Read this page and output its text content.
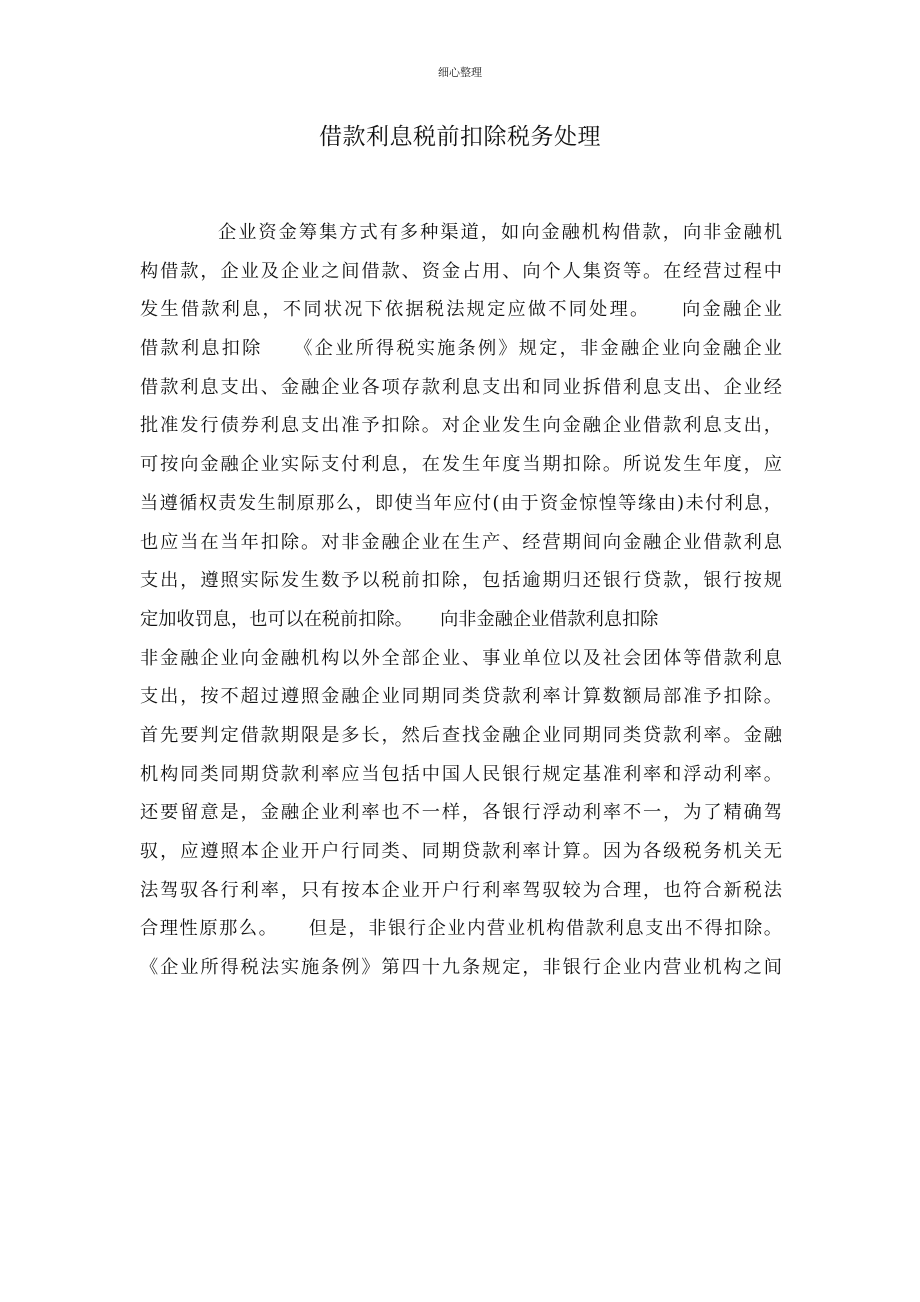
细心整理
借款利息税前扣除税务处理
企业资金筹集方式有多种渠道，如向金融机构借款，向非金融机
构借款，企业及企业之间借款、资金占用、向个人集资等。在经营过程中
发生借款利息，不同状况下依据税法规定应做不同处理。　　向金融企业
借款利息扣除　　《企业所得税实施条例》规定，非金融企业向金融企业
借款利息支出、金融企业各项存款利息支出和同业拆借利息支出、企业经
批准发行债券利息支出准予扣除。对企业发生向金融企业借款利息支出，
可按向金融企业实际支付利息，在发生年度当期扣除。所说发生年度，应
当遵循权责发生制原那么，即使当年应付(由于资金惊惶等缘由)未付利息，
也应当在当年扣除。对非金融企业在生产、经营期间向金融企业借款利息
支出，遵照实际发生数予以税前扣除，包括逾期归还银行贷款，银行按规
定加收罚息，也可以在税前扣除。　　向非金融企业借款利息扣除
非金融企业向金融机构以外全部企业、事业单位以及社会团体等借款利息
支出，按不超过遵照金融企业同期同类贷款利率计算数额局部准予扣除。
首先要判定借款期限是多长，然后查找金融企业同期同类贷款利率。金融
机构同类同期贷款利率应当包括中国人民银行规定基准利率和浮动利率。
还要留意是，金融企业利率也不一样，各银行浮动利率不一，为了精确驾
驭，应遵照本企业开户行同类、同期贷款利率计算。因为各级税务机关无
法驾驭各行利率，只有按本企业开户行利率驾驭较为合理，也符合新税法
合理性原那么。　　但是，非银行企业内营业机构借款利息支出不得扣除。
《企业所得税法实施条例》第四十九条规定，非银行企业内营业机构之间
